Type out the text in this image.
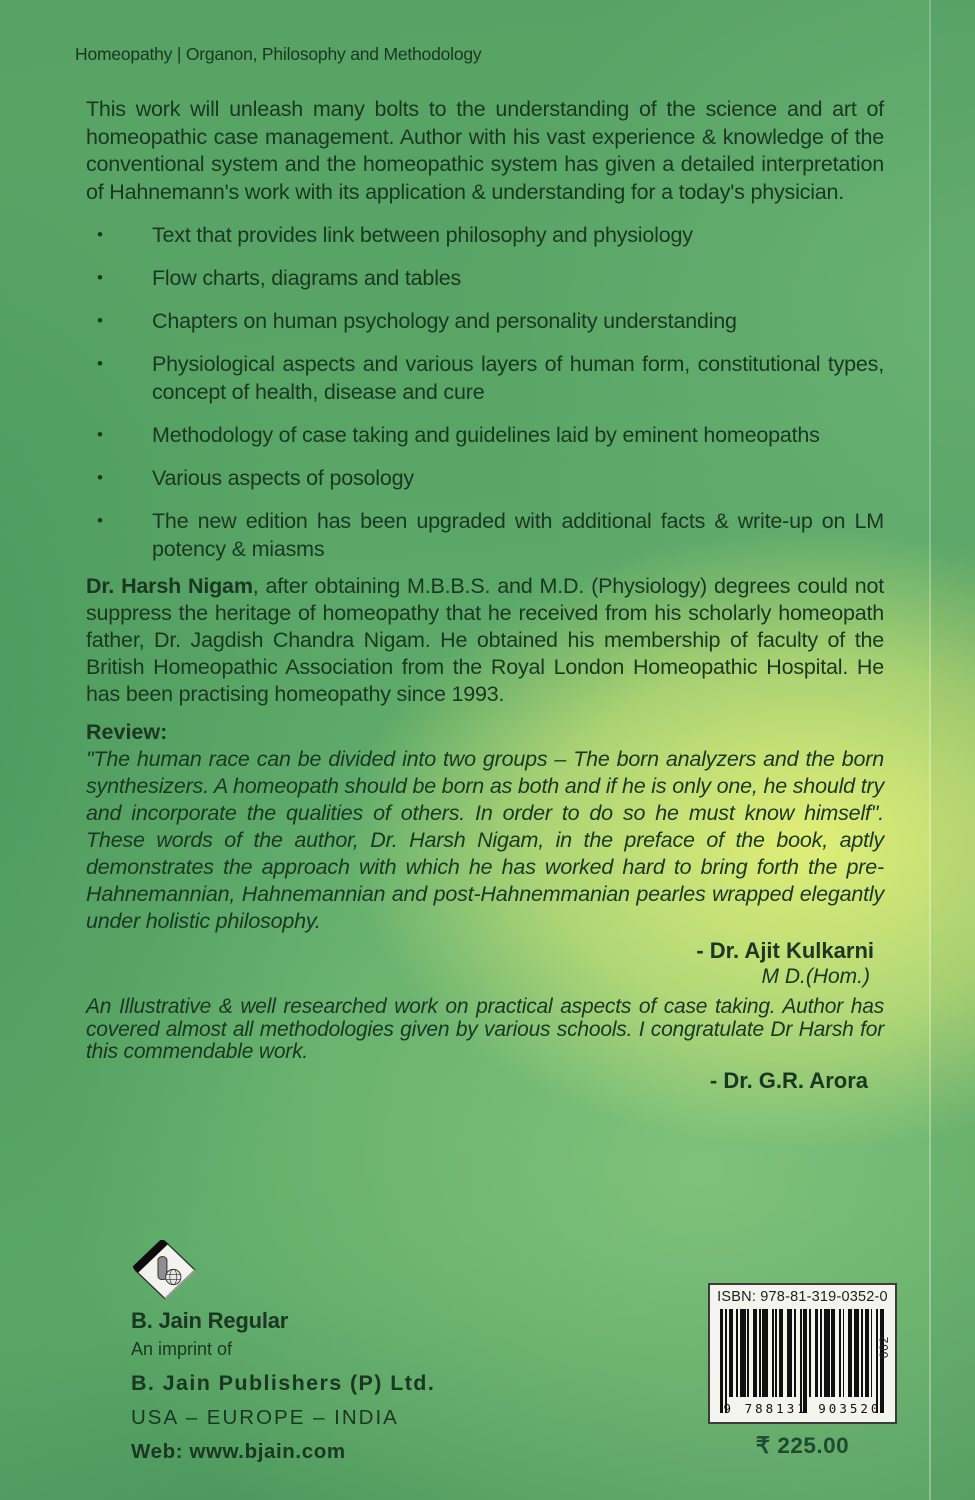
Homeopathy | Organon, Philosophy and Methodology

This work will unleash many bolts to the understanding of the science and art of homeopathic case management. Author with his vast experience & knowledge of the conventional system and the homeopathic system has given a detailed interpretation of Hahnemann's work with its application & understanding for a today's physician.

•	Text that provides link between philosophy and physiology
•	Flow charts, diagrams and tables
•	Chapters on human psychology and personality understanding
•	Physiological aspects and various layers of human form, constitutional types, concept of health, disease and cure
•	Methodology of case taking and guidelines laid by eminent homeopaths
•	Various aspects of posology
•	The new edition has been upgraded with additional facts & write-up on LM potency & miasms

Dr. Harsh Nigam, after obtaining M.B.B.S. and M.D. (Physiology) degrees could not suppress the heritage of homeopathy that he received from his scholarly homeopath father, Dr. Jagdish Chandra Nigam. He obtained his membership of faculty of the British Homeopathic Association from the Royal London Homeopathic Hospital. He has been practising homeopathy since 1993.

Review:

"The human race can be divided into two groups – The born analyzers and the born synthesizers. A homeopath should be born as both and if he is only one, he should try and incorporate the qualities of others. In order to do so he must know himself". These words of the author, Dr. Harsh Nigam, in the preface of the book, aptly demonstrates the approach with which he has worked hard to bring forth the pre-Hahnemannian, Hahnemannian and post-Hahnemmanian pearles wrapped elegantly under holistic philosophy.

- Dr. Ajit Kulkarni
M D.(Hom.)

An Illustrative & well researched work on practical aspects of case taking. Author has covered almost all methodologies given by various schools. I congratulate Dr Harsh for this commendable work.

- Dr. G.R. Arora
B. Jain Regular
An imprint of
B. Jain Publishers (P) Ltd.
USA – EUROPE – INDIA
Web: www.bjain.com
ISBN: 978-81-319-0352-0
9 788131 903520
002
₹ 225.00
